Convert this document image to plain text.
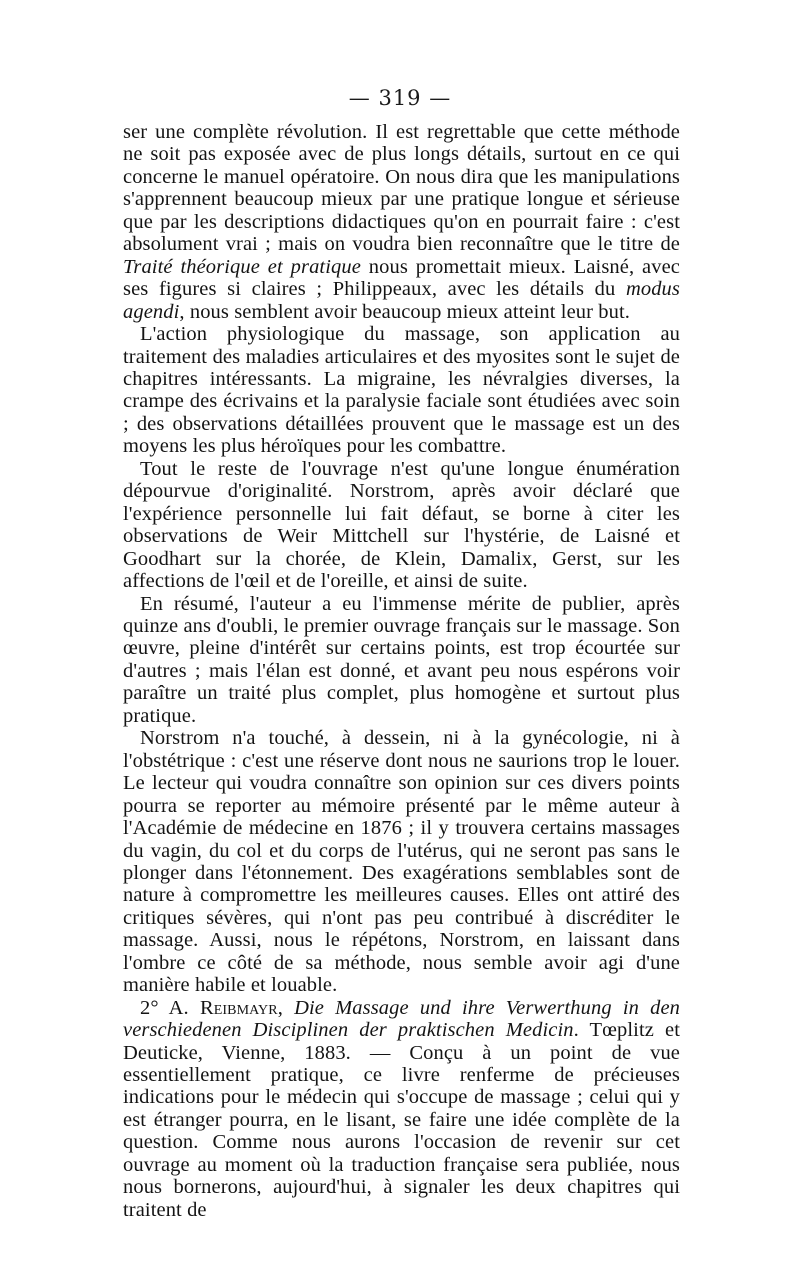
— 319 —

ser une complète révolution. Il est regrettable que cette méthode ne soit pas exposée avec de plus longs détails, surtout en ce qui concerne le manuel opératoire. On nous dira que les manipulations s'apprennent beaucoup mieux par une pratique longue et sérieuse que par les descriptions didactiques qu'on en pourrait faire : c'est absolument vrai ; mais on voudra bien reconnaître que le titre de Traité théorique et pratique nous promettait mieux. Laisné, avec ses figures si claires ; Philippeaux, avec les détails du modus agendi, nous semblent avoir beaucoup mieux atteint leur but.

L'action physiologique du massage, son application au traitement des maladies articulaires et des myosites sont le sujet de chapitres intéressants. La migraine, les névralgies diverses, la crampe des écrivains et la paralysie faciale sont étudiées avec soin ; des observations détaillées prouvent que le massage est un des moyens les plus héroïques pour les combattre.

Tout le reste de l'ouvrage n'est qu'une longue énumération dépourvue d'originalité. Norstrom, après avoir déclaré que l'expérience personnelle lui fait défaut, se borne à citer les observations de Weir Mittchell sur l'hystérie, de Laisné et Goodhart sur la chorée, de Klein, Damalix, Gerst, sur les affections de l'œil et de l'oreille, et ainsi de suite.

En résumé, l'auteur a eu l'immense mérite de publier, après quinze ans d'oubli, le premier ouvrage français sur le massage. Son œuvre, pleine d'intérêt sur certains points, est trop écourtée sur d'autres ; mais l'élan est donné, et avant peu nous espérons voir paraître un traité plus complet, plus homogène et surtout plus pratique.

Norstrom n'a touché, à dessein, ni à la gynécologie, ni à l'obstétrique : c'est une réserve dont nous ne saurions trop le louer. Le lecteur qui voudra connaître son opinion sur ces divers points pourra se reporter au mémoire présenté par le même auteur à l'Académie de médecine en 1876 ; il y trouvera certains massages du vagin, du col et du corps de l'utérus, qui ne seront pas sans le plonger dans l'étonnement. Des exagérations semblables sont de nature à compromettre les meilleures causes. Elles ont attiré des critiques sévères, qui n'ont pas peu contribué à discréditer le massage. Aussi, nous le répétons, Norstrom, en laissant dans l'ombre ce côté de sa méthode, nous semble avoir agi d'une manière habile et louable.

2° A. Reibmayr, Die Massage und ihre Verwerthung in den verschiedenen Disciplinen der praktischen Medicin. Tœplitz et Deuticke, Vienne, 1883. — Conçu à un point de vue essentiellement pratique, ce livre renferme de précieuses indications pour le médecin qui s'occupe de massage ; celui qui y est étranger pourra, en le lisant, se faire une idée complète de la question. Comme nous aurons l'occasion de revenir sur cet ouvrage au moment où la traduction française sera publiée, nous nous bornerons, aujourd'hui, à signaler les deux chapitres qui traitent de
